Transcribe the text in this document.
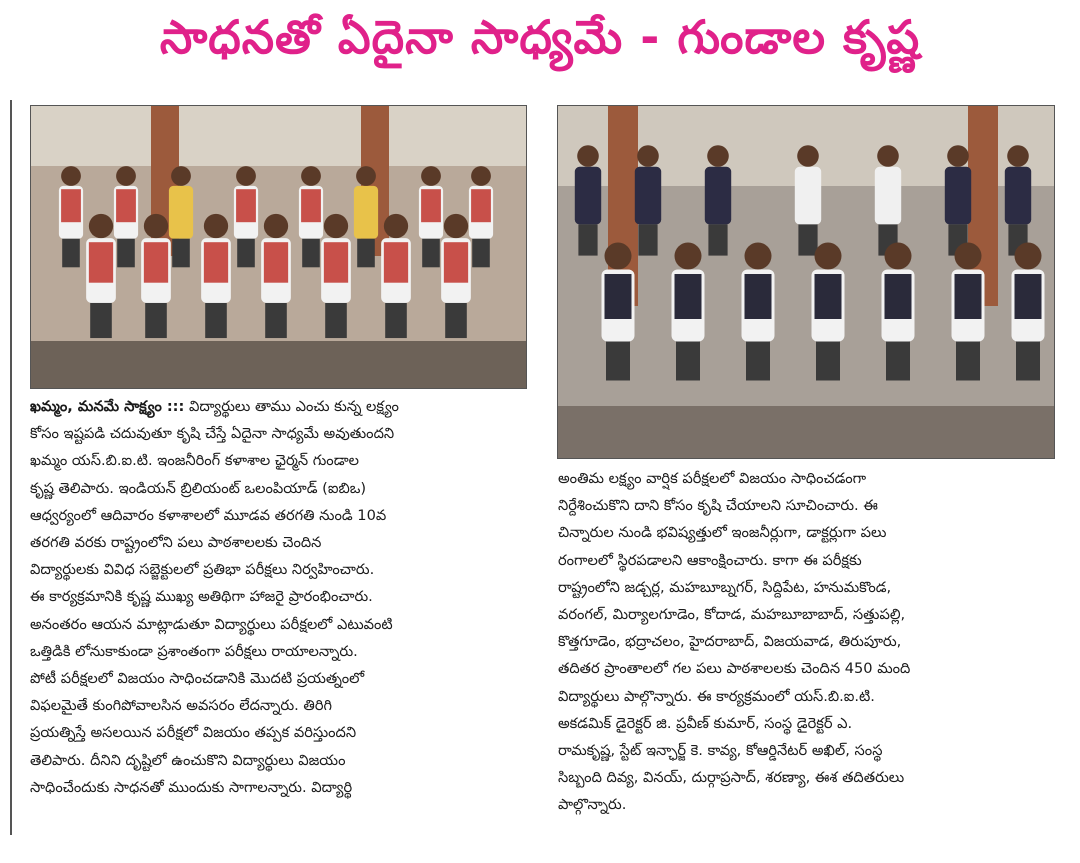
సాధనతో ఏదైనా సాధ్యమే - గుండాల కృష్ణ

ఖమ్మం, మనమే సాక్ష్యం ::: విద్యార్థులు తాము ఎంచు కున్న లక్ష్యం

కోసం ఇష్టపడి చదువుతూ కృషి చేస్తే ఏదైనా సాధ్యమే అవుతుందని

ఖమ్మం యస్.బి.ఐ.టి. ఇంజనీరింగ్ కళాశాల ఛైర్మన్ గుండాల

కృష్ణ తెలిపారు. ఇండియన్ బ్రిలియంట్ ఒలంపియాడ్ (ఐబిఒ)

ఆధ్వర్యంలో ఆదివారం కళాశాలలో మూడవ తరగతి నుండి 10వ

తరగతి వరకు రాష్ట్రంలోని పలు పాఠశాలలకు చెందిన

విద్యార్థులకు వివిధ సబ్జెక్టులలో ప్రతిభా పరీక్షలు నిర్వహించారు.

ఈ కార్యక్రమానికి కృష్ణ ముఖ్య అతిథిగా హాజరై ప్రారంభించారు.

అనంతరం ఆయన మాట్లాడుతూ విద్యార్థులు పరీక్షలలో ఎటువంటి

ఒత్తిడికి లోనుకాకుండా ప్రశాంతంగా పరీక్షలు రాయాలన్నారు.

పోటీ పరీక్షలలో విజయం సాధించడానికి మొదటి ప్రయత్నంలో

విఫలమైతే కుంగిపోవాలసిన అవసరం లేదన్నారు. తిరిగి

ప్రయత్నిస్తే అసలయిన పరీక్షలో విజయం తప్పక వరిస్తుందని

తెలిపారు. దీనిని దృష్టిలో ఉంచుకొని విద్యార్థులు విజయం

సాధించేందుకు సాధనతో ముందుకు సాగాలన్నారు. విద్యార్థి

అంతిమ లక్ష్యం వార్షిక పరీక్షలలో విజయం సాధించడంగా

నిర్దేశించుకొని దాని కోసం కృషి చేయాలని సూచించారు. ఈ

చిన్నారుల నుండి భవిష్యత్తులో ఇంజనీర్లుగా, డాక్టర్లుగా పలు

రంగాలలో స్థిరపడాలని ఆకాంక్షించారు. కాగా ఈ పరీక్షకు

రాష్ట్రంలోని జడ్చర్ల, మహబూబ్నగర్, సిద్దిపేట, హనుమకొండ,

వరంగల్, మిర్యాలగూడెం, కోదాడ, మహబూబాబాద్, సత్తుపల్లి,

కొత్తగూడెం, భద్రాచలం, హైదరాబాద్, విజయవాడ, తిరుపూరు,

తదితర ప్రాంతాలలో గల పలు పాఠశాలలకు చెందిన 450 మంది

విద్యార్థులు పాల్గొన్నారు. ఈ కార్యక్రమంలో యస్.బి.ఐ.టి.

అకడమిక్ డైరెక్టర్ జి. ప్రవీణ్ కుమార్, సంస్థ డైరెక్టర్ ఎ.

రామకృష్ణ, స్టేట్ ఇన్ఛార్జ్ కె. కావ్య, కోఆర్డినేటర్ అఖిల్, సంస్థ

సిబ్బంది దివ్య, వినయ్, దుర్గాప్రసాద్, శరణ్యా, ఈశ తదితరులు

పాల్గొన్నారు.
